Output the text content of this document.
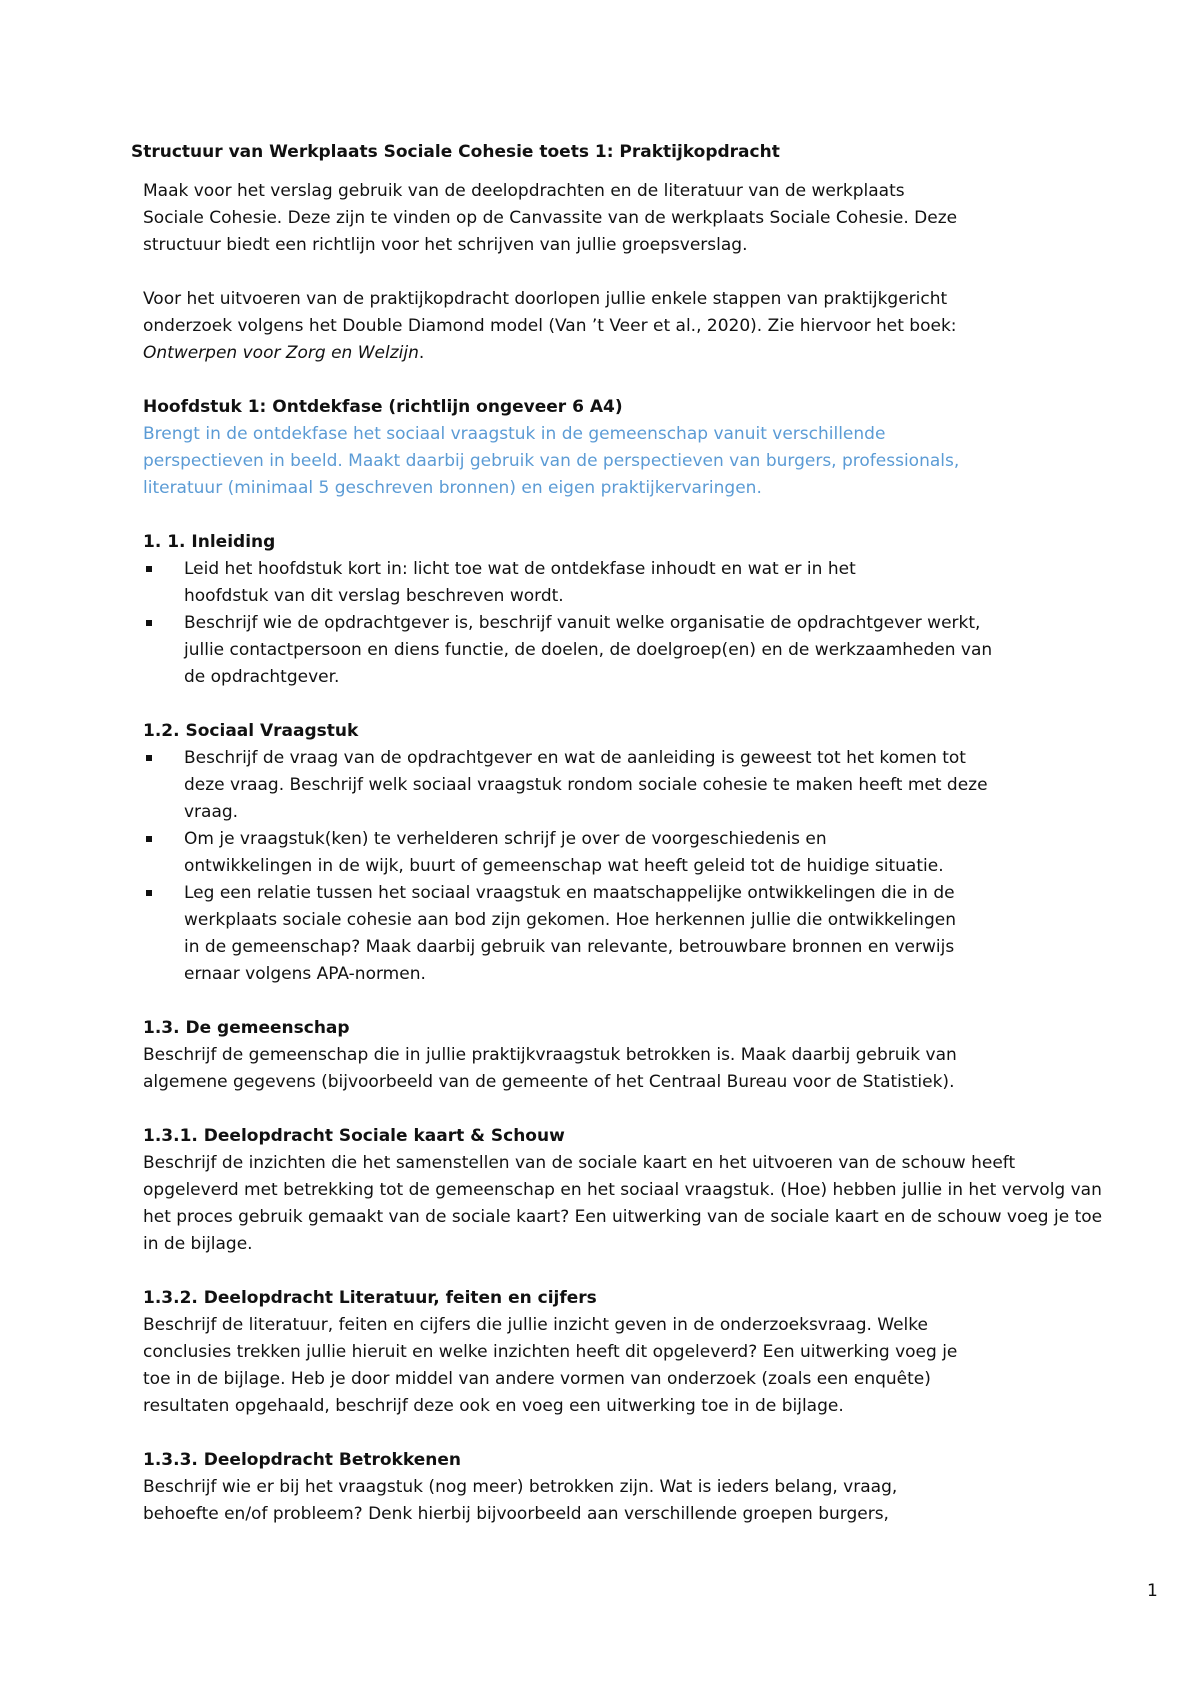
Structuur van Werkplaats Sociale Cohesie toets 1: Praktijkopdracht

Maak voor het verslag gebruik van de deelopdrachten en de literatuur van de werkplaats

Sociale Cohesie. Deze zijn te vinden op de Canvassite van de werkplaats Sociale Cohesie. Deze

structuur biedt een richtlijn voor het schrijven van jullie groepsverslag.

Voor het uitvoeren van de praktijkopdracht doorlopen jullie enkele stappen van praktijkgericht

onderzoek volgens het Double Diamond model (Van ’t Veer et al., 2020). Zie hiervoor het boek:

Ontwerpen voor Zorg en Welzijn.

Hoofdstuk 1: Ontdekfase (richtlijn ongeveer 6 A4)

Brengt in de ontdekfase het sociaal vraagstuk in de gemeenschap vanuit verschillende

perspectieven in beeld. Maakt daarbij gebruik van de perspectieven van burgers, professionals,

literatuur (minimaal 5 geschreven bronnen) en eigen praktijkervaringen.

1. 1. Inleiding

Leid het hoofdstuk kort in: licht toe wat de ontdekfase inhoudt en wat er in het
hoofdstuk van dit verslag beschreven wordt.
Beschrijf wie de opdrachtgever is, beschrijf vanuit welke organisatie de opdrachtgever werkt,
jullie contactpersoon en diens functie, de doelen, de doelgroep(en) en de werkzaamheden van
de opdrachtgever.

1.2. Sociaal Vraagstuk

Beschrijf de vraag van de opdrachtgever en wat de aanleiding is geweest tot het komen tot
deze vraag. Beschrijf welk sociaal vraagstuk rondom sociale cohesie te maken heeft met deze
vraag.
Om je vraagstuk(ken) te verhelderen schrijf je over de voorgeschiedenis en
ontwikkelingen in de wijk, buurt of gemeenschap wat heeft geleid tot de huidige situatie.
Leg een relatie tussen het sociaal vraagstuk en maatschappelijke ontwikkelingen die in de
werkplaats sociale cohesie aan bod zijn gekomen. Hoe herkennen jullie die ontwikkelingen
in de gemeenschap? Maak daarbij gebruik van relevante, betrouwbare bronnen en verwijs
ernaar volgens APA-normen.

1.3. De gemeenschap

Beschrijf de gemeenschap die in jullie praktijkvraagstuk betrokken is. Maak daarbij gebruik van

algemene gegevens (bijvoorbeeld van de gemeente of het Centraal Bureau voor de Statistiek).

1.3.1. Deelopdracht Sociale kaart & Schouw

Beschrijf de inzichten die het samenstellen van de sociale kaart en het uitvoeren van de schouw heeft

opgeleverd met betrekking tot de gemeenschap en het sociaal vraagstuk. (Hoe) hebben jullie in het vervolg van

het proces gebruik gemaakt van de sociale kaart? Een uitwerking van de sociale kaart en de schouw voeg je toe

in de bijlage.

1.3.2. Deelopdracht Literatuur, feiten en cijfers

Beschrijf de literatuur, feiten en cijfers die jullie inzicht geven in de onderzoeksvraag. Welke

conclusies trekken jullie hieruit en welke inzichten heeft dit opgeleverd? Een uitwerking voeg je

toe in de bijlage. Heb je door middel van andere vormen van onderzoek (zoals een enquête)

resultaten opgehaald, beschrijf deze ook en voeg een uitwerking toe in de bijlage.

1.3.3. Deelopdracht Betrokkenen

Beschrijf wie er bij het vraagstuk (nog meer) betrokken zijn. Wat is ieders belang, vraag,

behoefte en/of probleem? Denk hierbij bijvoorbeeld aan verschillende groepen burgers,

1
